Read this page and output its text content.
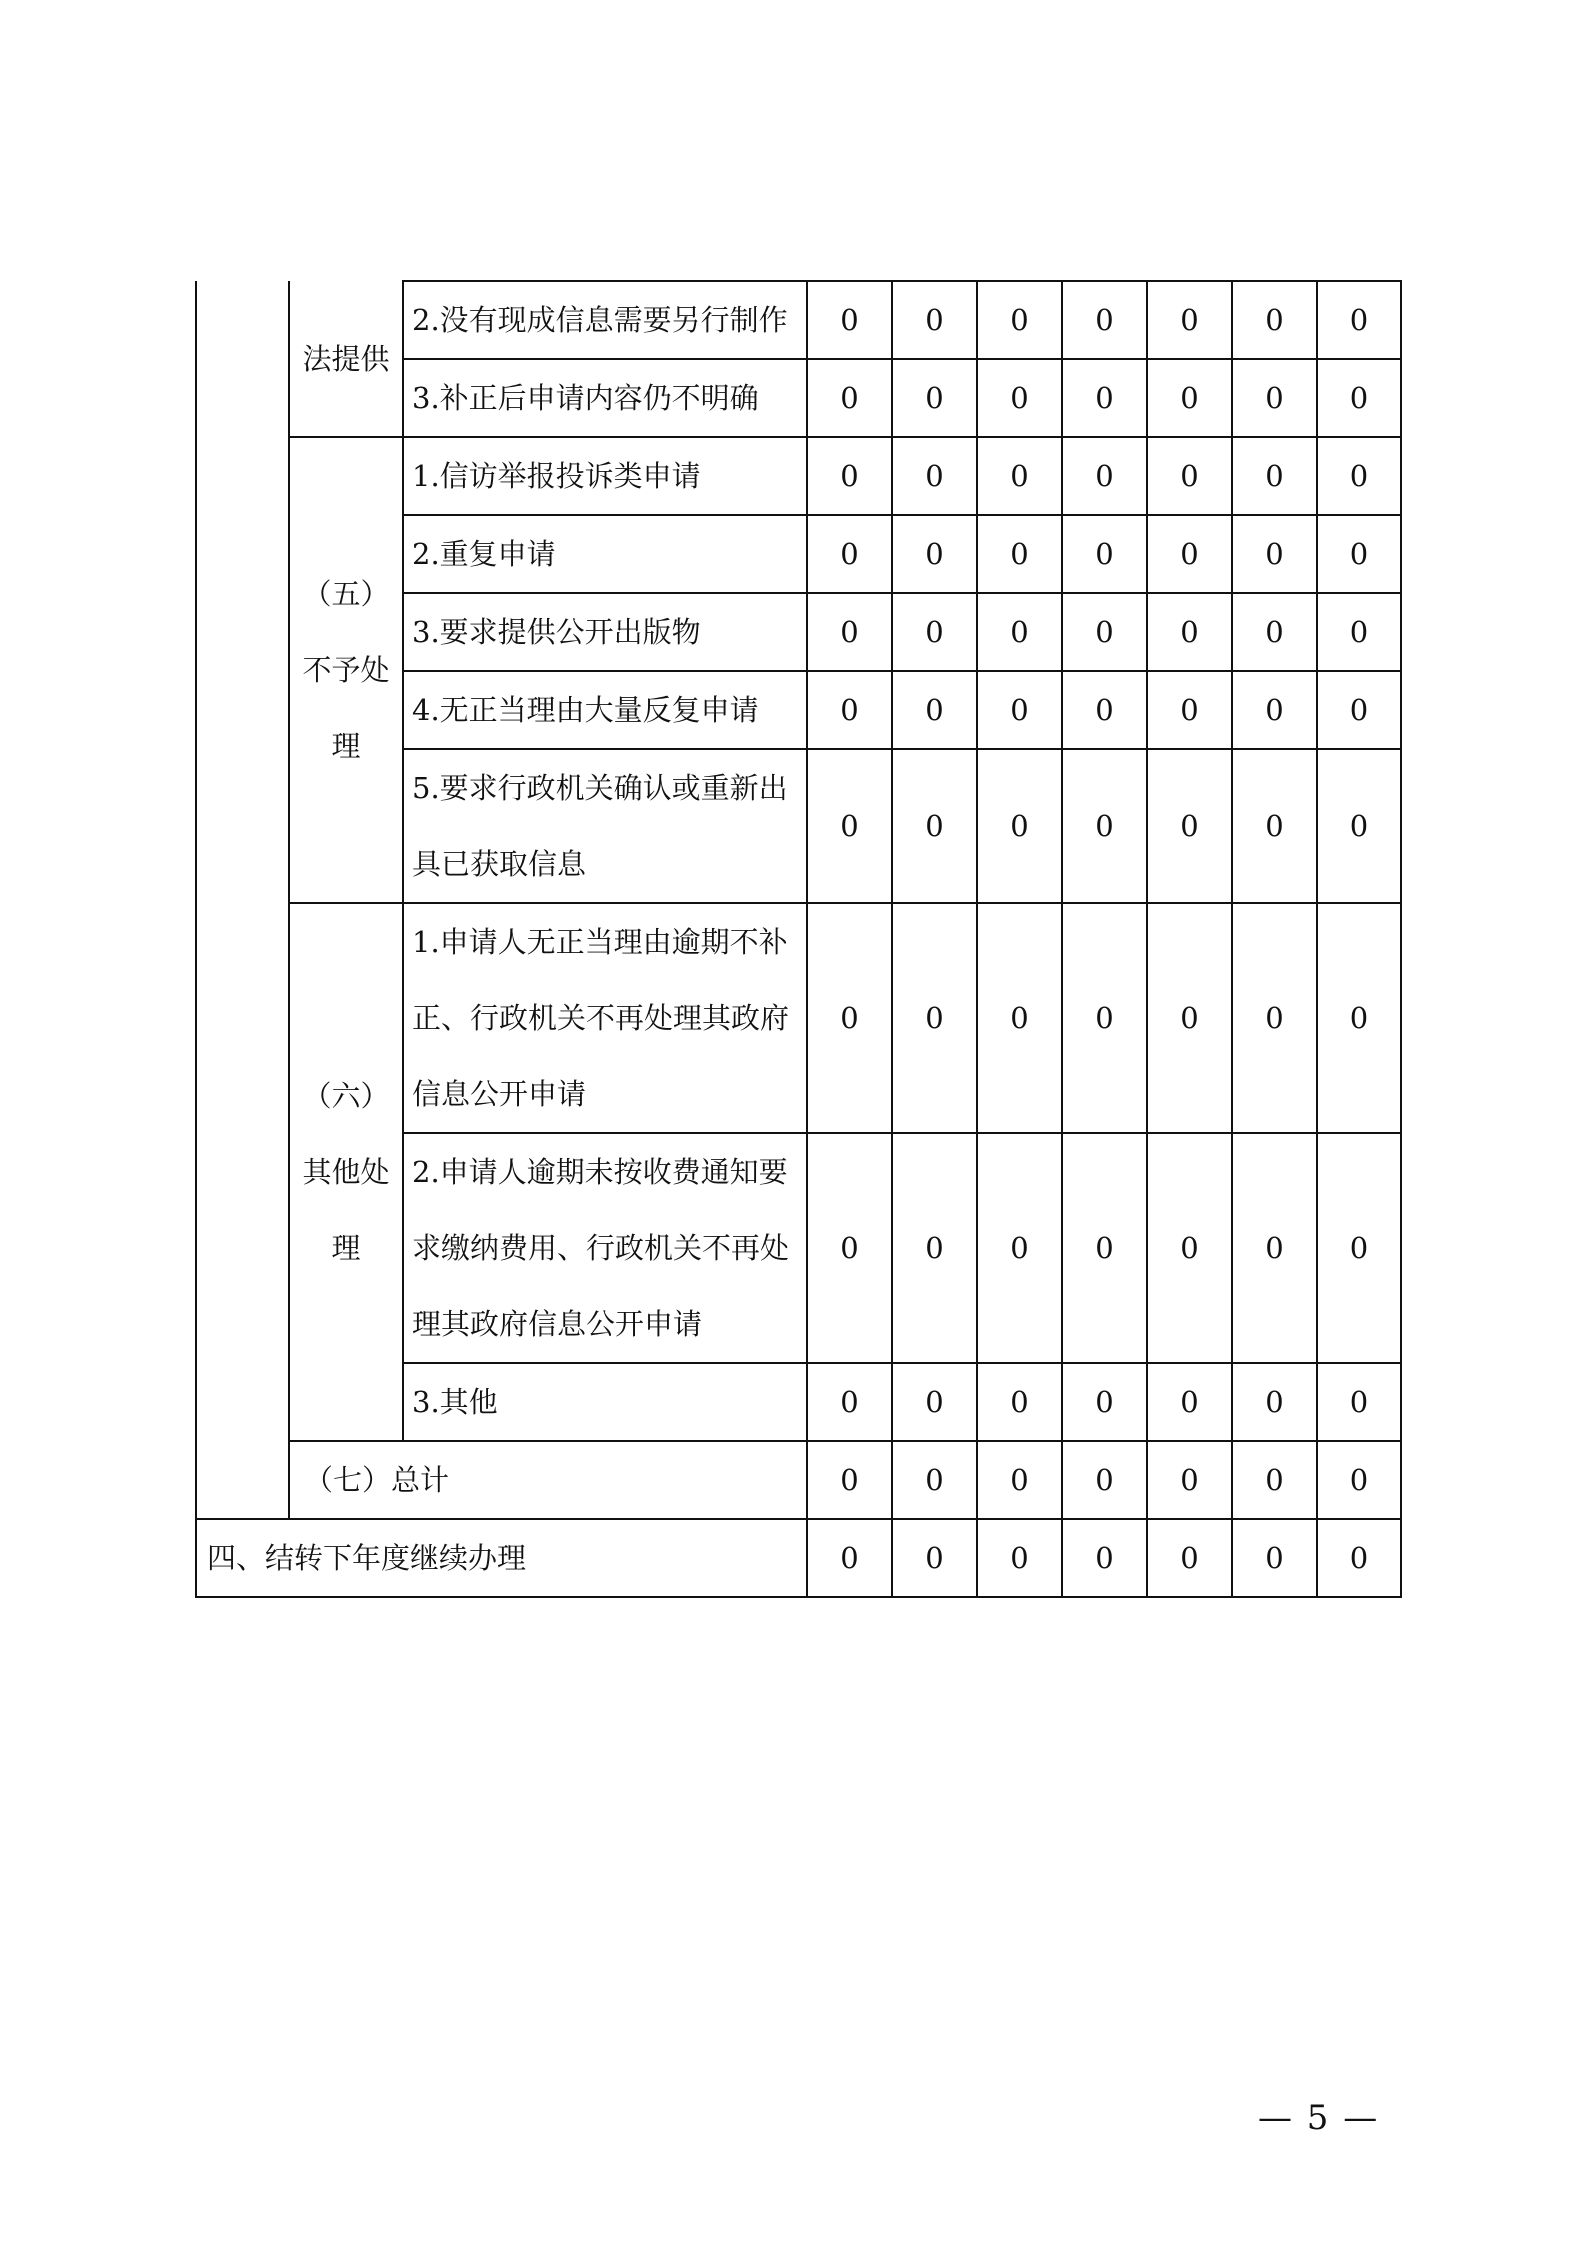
	法提供	2.没有现成信息需要另行制作	0	0	0	0	0	0	0
		3.补正后申请内容仍不明确	0	0	0	0	0	0	0
	（五）不予处理	1.信访举报投诉类申请	0	0	0	0	0	0	0
		2.重复申请	0	0	0	0	0	0	0
		3.要求提供公开出版物	0	0	0	0	0	0	0
		4.无正当理由大量反复申请	0	0	0	0	0	0	0
		5.要求行政机关确认或重新出具已获取信息	0	0	0	0	0	0	0
	（六）其他处理	1.申请人无正当理由逾期不补正、行政机关不再处理其政府信息公开申请	0	0	0	0	0	0	0
		2.申请人逾期未按收费通知要求缴纳费用、行政机关不再处理其政府信息公开申请	0	0	0	0	0	0	0
		3.其他	0	0	0	0	0	0	0
	（七）总计		0	0	0	0	0	0	0
四、结转下年度继续办理			0	0	0	0	0	0	0
— 5 —
